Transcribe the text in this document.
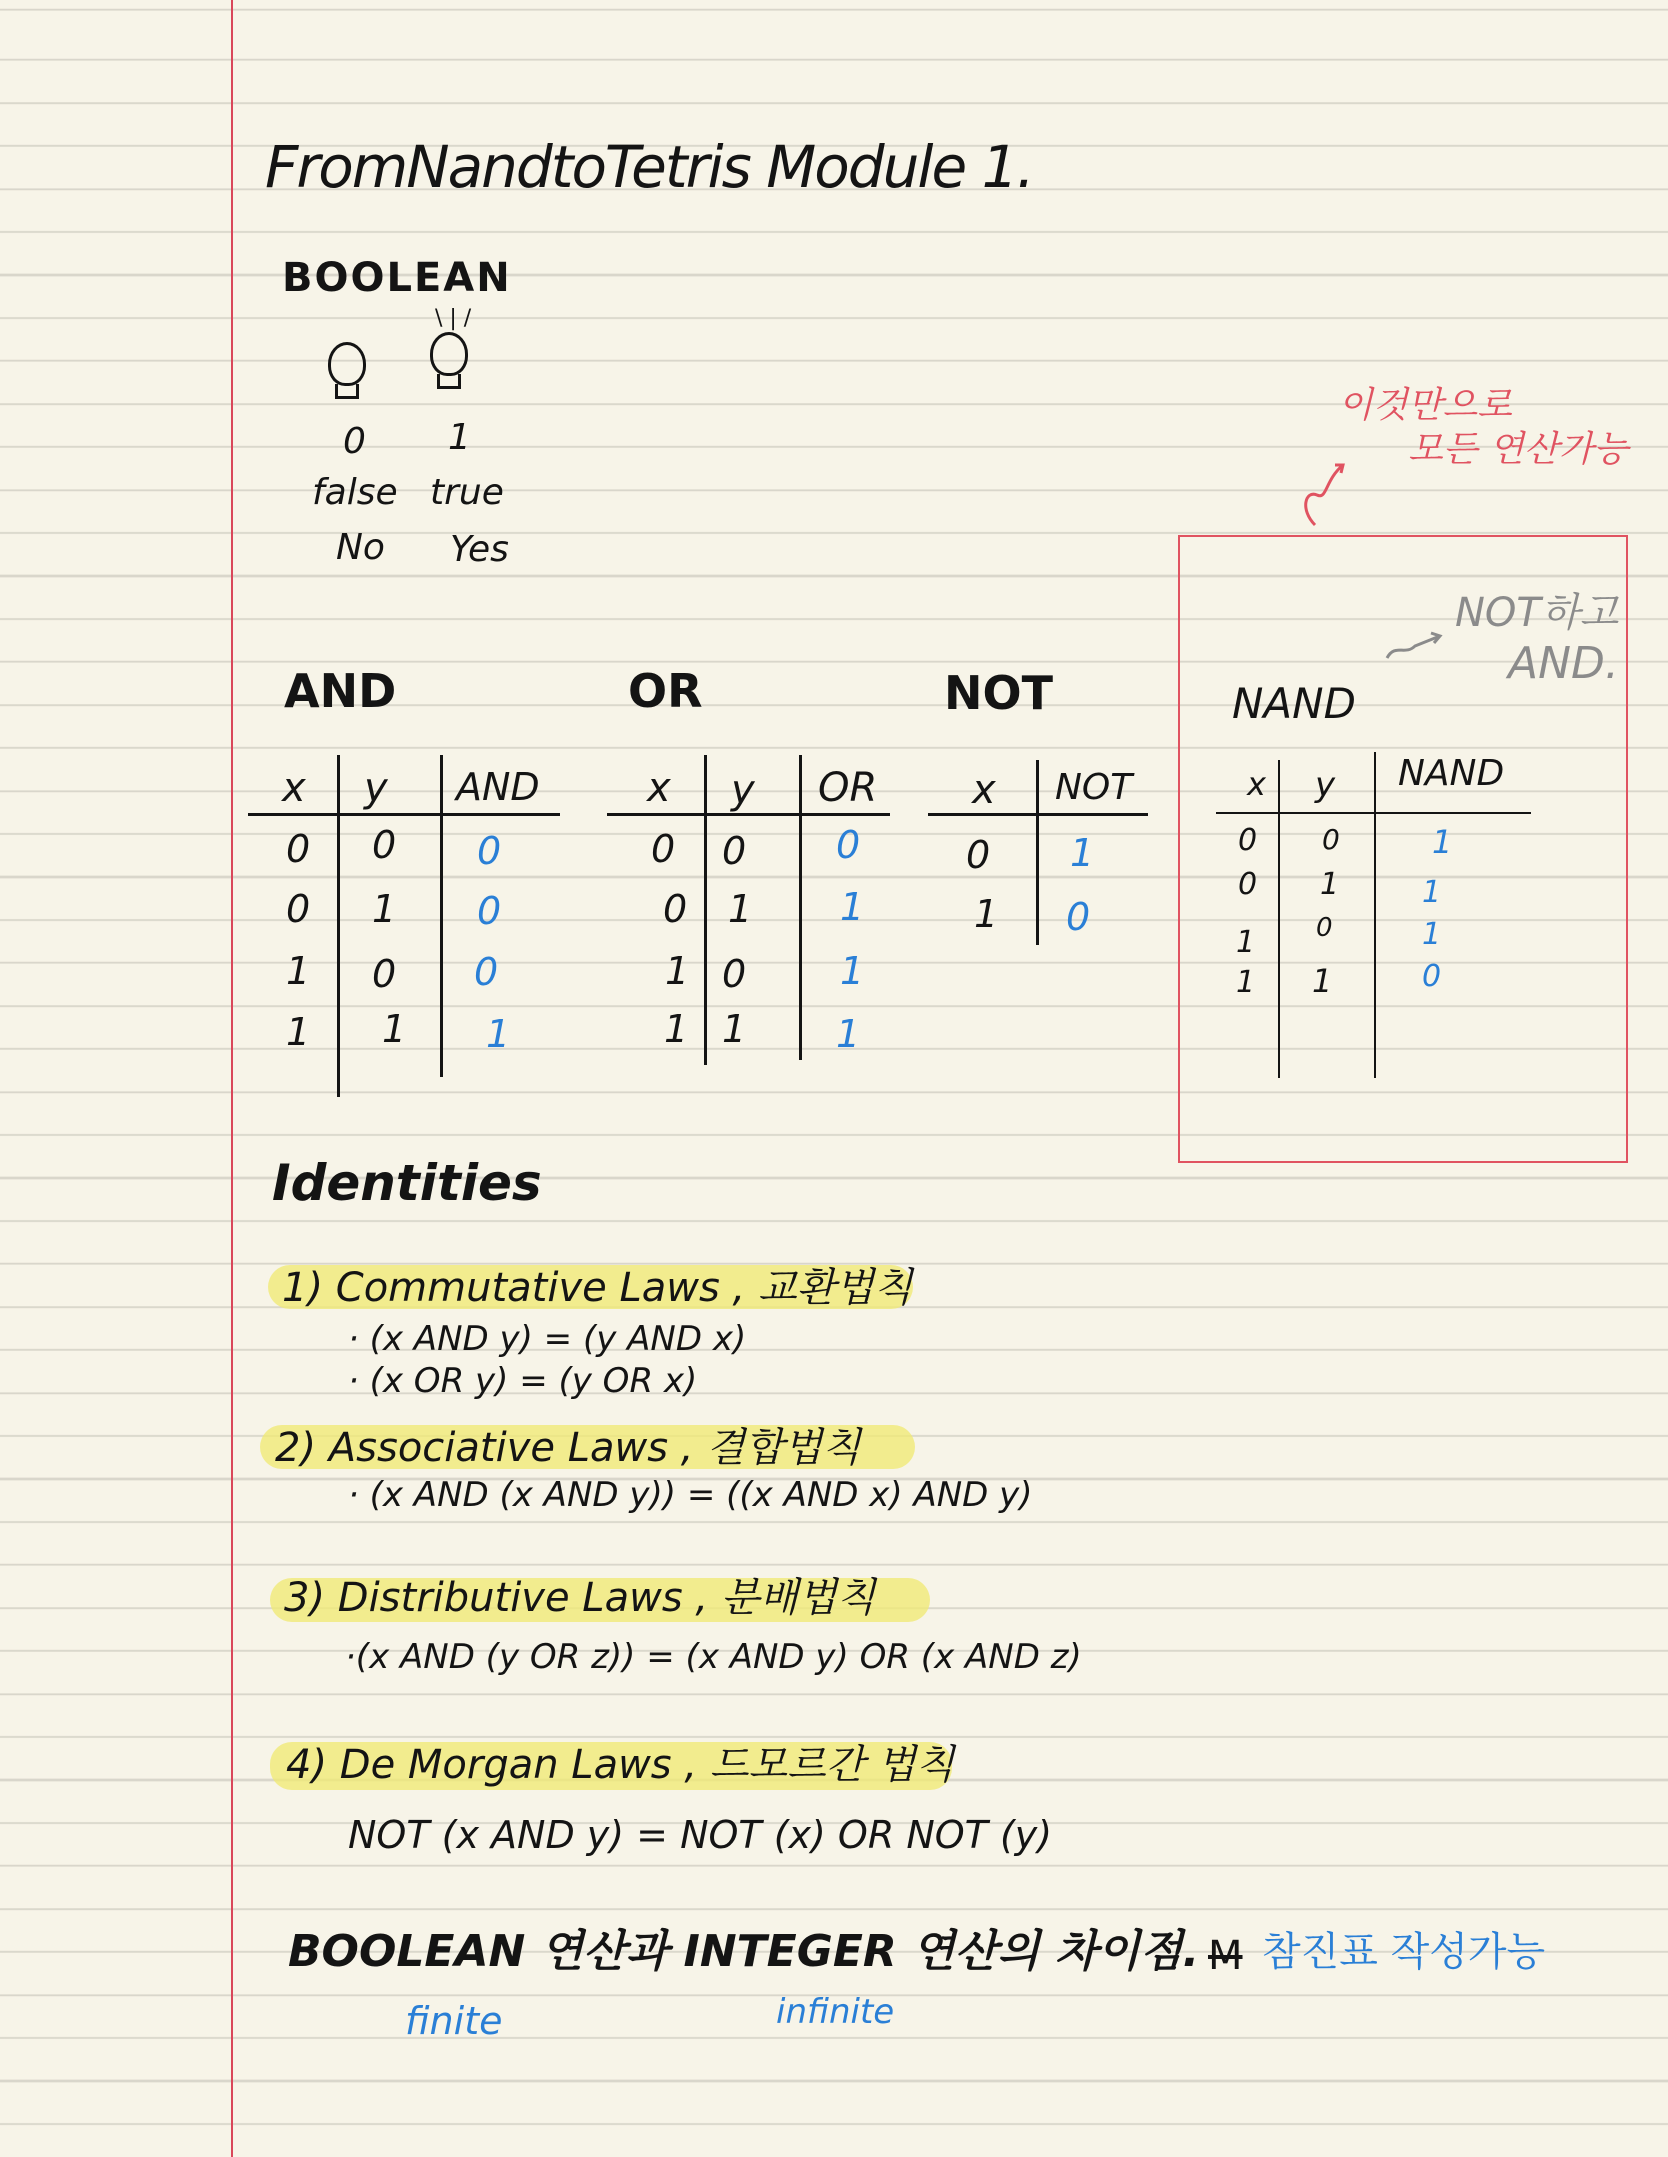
FromNandtoTetris Module 1.
BOOLEAN
\ | /
0 1
false true
No Yes
이것만으로
모든 연산가능
NOT하고
AND.
AND
x y AND
0 0 0
0 1 0
1 0 0
1 1 1
OR
x y OR
0 0 0
0 1 1
1 0 1
1 1 1
NOT
x NOT
0 1
1 0
NAND
x y NAND
0 0	1
0 1	1
1 0	1
1 1	0
Identities
1) Commutative Laws , 교환법칙
· (x AND y) = (y AND x)
· (x OR y) = (y OR x)
2) Associative Laws , 결합법칙
· (x AND (x AND y)) = ((x AND x) AND y)
3) Distributive Laws , 분배법칙
·(x AND (y OR z)) = (x AND y) OR (x AND z)
4) De Morgan Laws , 드모르간 법칙
NOT (x AND y) = NOT (x) OR NOT (y)
BOOLEAN 연산과 INTEGER 연산의 차이점. M 참진표 작성가능
finite	infinite
